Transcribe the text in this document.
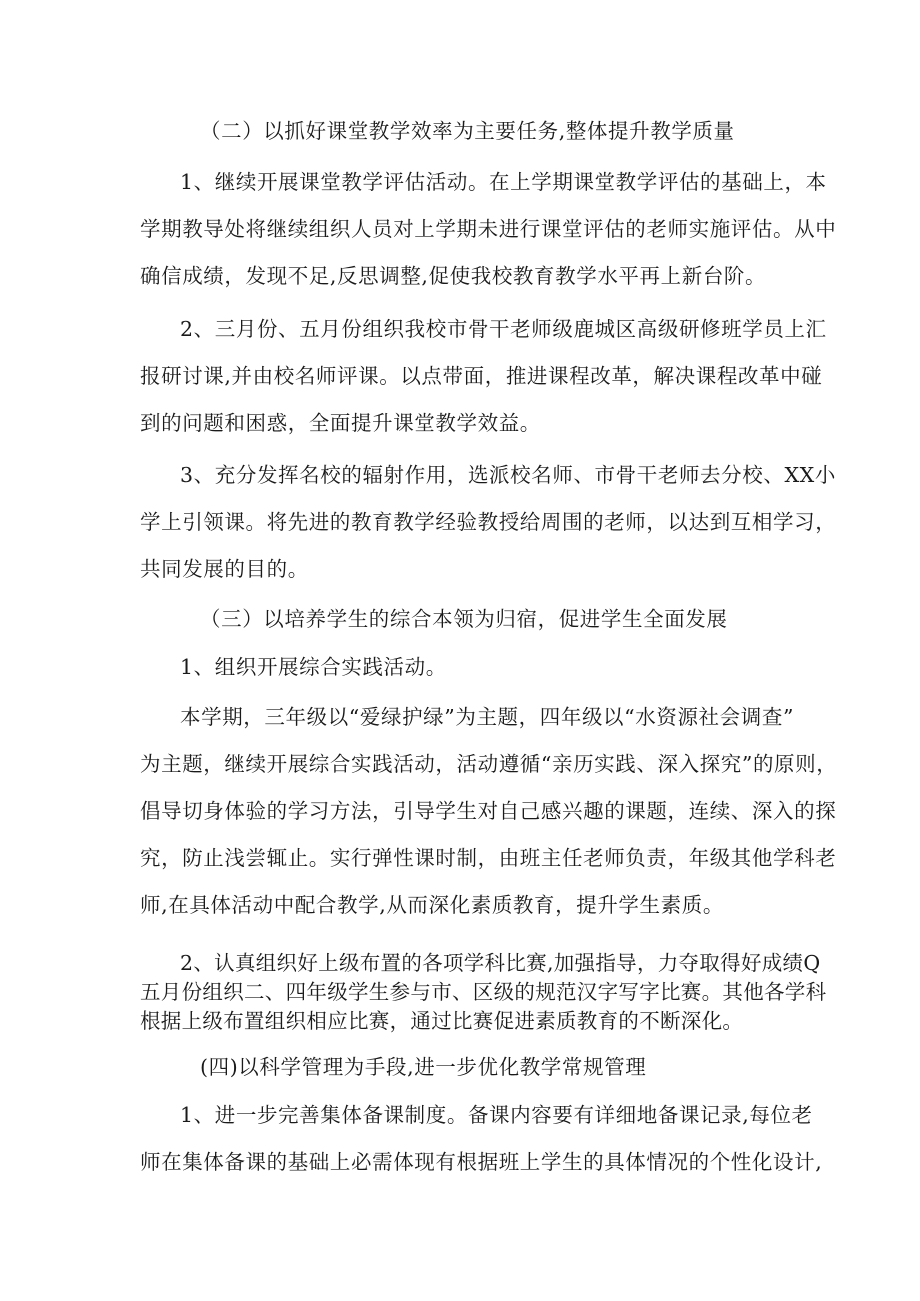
（二）以抓好课堂教学效率为主要任务,整体提升教学质量
1、继续开展课堂教学评估活动。在上学期课堂教学评估的基础上，本
学期教导处将继续组织人员对上学期未进行课堂评估的老师实施评估。从中
确信成绩，发现不足,反思调整,促使我校教育教学水平再上新台阶。
2、三月份、五月份组织我校市骨干老师级鹿城区高级研修班学员上汇
报研讨课,并由校名师评课。以点带面，推进课程改革，解决课程改革中碰
到的问题和困惑，全面提升课堂教学效益。
3、充分发挥名校的辐射作用，选派校名师、市骨干老师去分校、XX小
学上引领课。将先进的教育教学经验教授给周围的老师，以达到互相学习，
共同发展的目的。
（三）以培养学生的综合本领为归宿，促进学生全面发展
1、组织开展综合实践活动。
本学期，三年级以“爱绿护绿”为主题，四年级以“水资源社会调查”
为主题，继续开展综合实践活动，活动遵循“亲历实践、深入探究”的原则，
倡导切身体验的学习方法，引导学生对自己感兴趣的课题，连续、深入的探
究，防止浅尝辄止。实行弹性课时制，由班主任老师负责，年级其他学科老
师,在具体活动中配合教学,从而深化素质教育，提升学生素质。
2、认真组织好上级布置的各项学科比赛,加强指导，力夺取得好成绩Q
五月份组织二、四年级学生参与市、区级的规范汉字写字比赛。其他各学科
根据上级布置组织相应比赛，通过比赛促进素质教育的不断深化。
(四)以科学管理为手段,进一步优化教学常规管理
1、进一步完善集体备课制度。备课内容要有详细地备课记录,每位老
师在集体备课的基础上必需体现有根据班上学生的具体情况的个性化设计,
